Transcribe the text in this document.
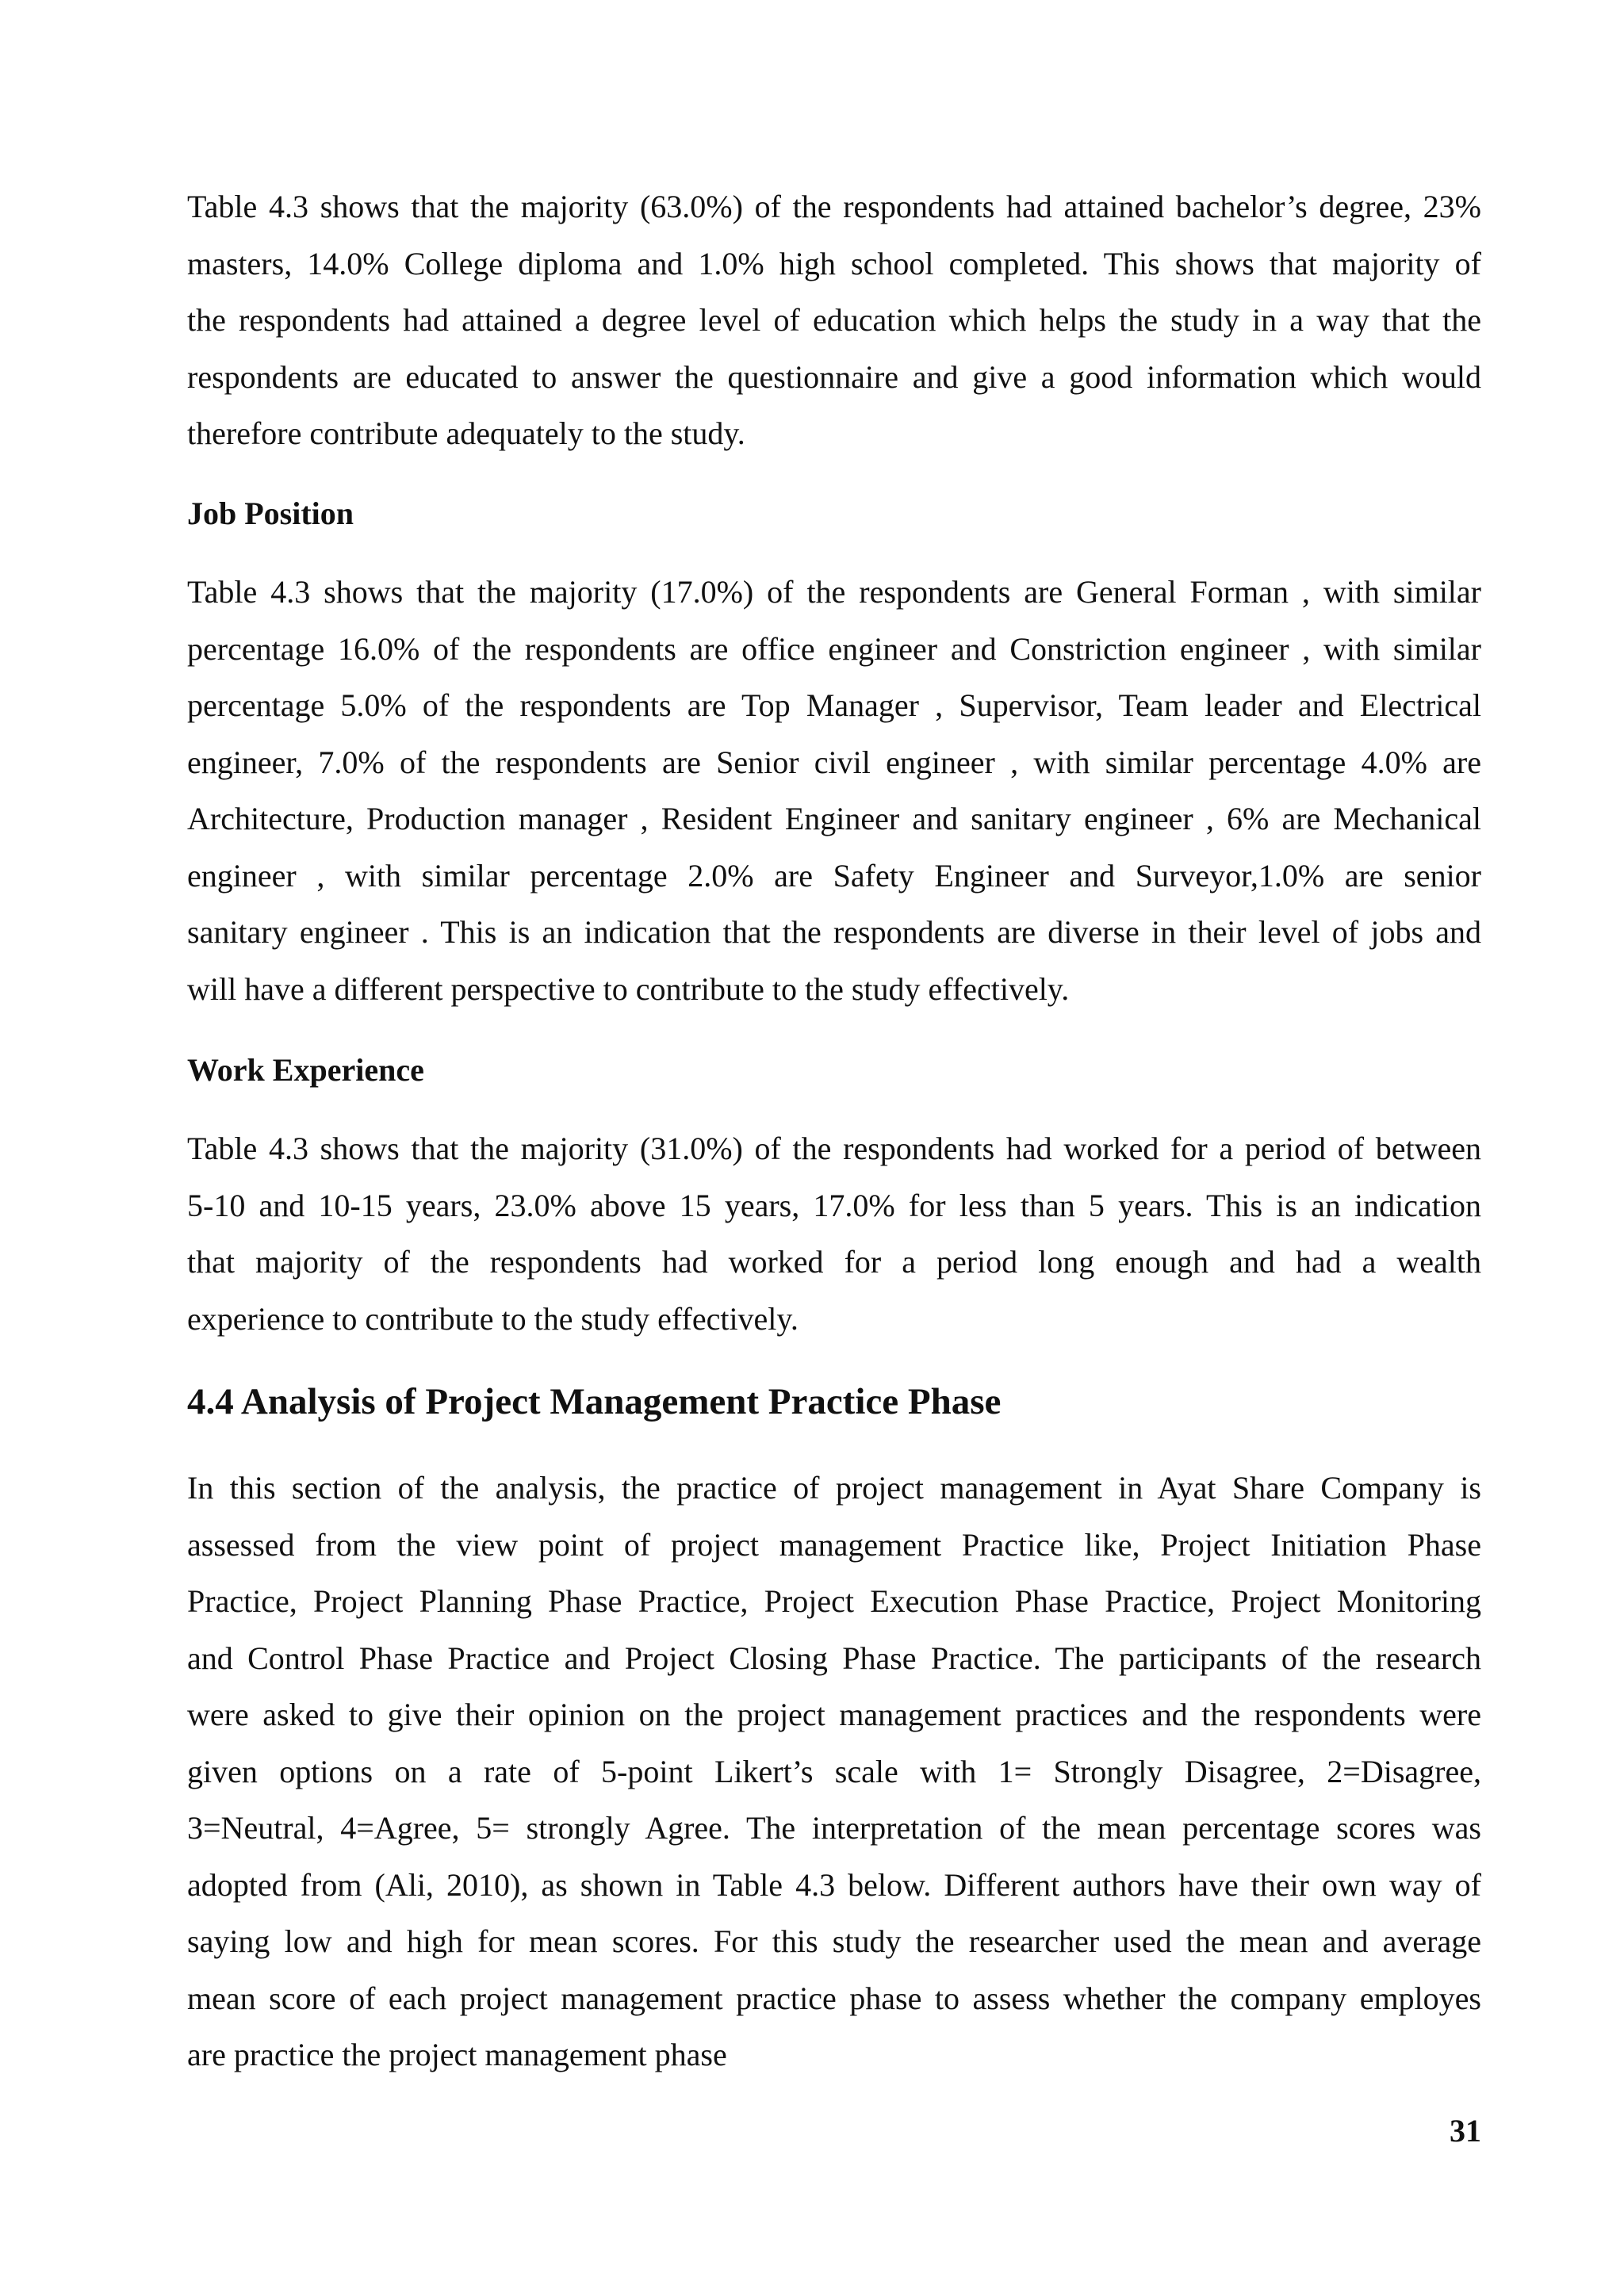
Table 4.3 shows that the majority (63.0%) of the respondents had attained bachelor’s degree, 23%
masters, 14.0% College diploma and 1.0% high school completed. This shows that majority of
the respondents had attained a degree level of education which helps the study in a way that the
respondents are educated to answer the questionnaire and give a good information which would
therefore contribute adequately to the study.
Job Position
Table 4.3 shows that the majority (17.0%) of the respondents are General Forman , with similar
percentage 16.0% of the respondents are office engineer and Constriction engineer , with similar
percentage 5.0% of the respondents are Top Manager , Supervisor, Team leader and Electrical
engineer, 7.0% of the respondents are Senior civil engineer , with similar percentage 4.0% are
Architecture, Production manager , Resident Engineer and sanitary engineer , 6% are Mechanical
engineer , with similar percentage 2.0% are Safety Engineer and Surveyor,1.0% are senior
sanitary engineer . This is an indication that the respondents are diverse in their level of jobs and
will have a different perspective to contribute to the study effectively.
Work Experience
Table 4.3 shows that the majority (31.0%) of the respondents had worked for a period of between
5-10 and 10-15 years, 23.0% above 15 years, 17.0% for less than 5 years. This is an indication
that majority of the respondents had worked for a period long enough and had a wealth
experience to contribute to the study effectively.
4.4 Analysis of Project Management Practice Phase
In this section of the analysis, the practice of project management in Ayat Share Company is
assessed from the view point of project management Practice like, Project Initiation Phase
Practice, Project Planning Phase Practice, Project Execution Phase Practice, Project Monitoring
and Control Phase Practice and Project Closing Phase Practice. The participants of the research
were asked to give their opinion on the project management practices and the respondents were
given options on a rate of 5-point Likert’s scale with 1= Strongly Disagree, 2=Disagree,
3=Neutral, 4=Agree, 5= strongly Agree. The interpretation of the mean percentage scores was
adopted from (Ali, 2010), as shown in Table 4.3 below. Different authors have their own way of
saying low and high for mean scores. For this study the researcher used the mean and average
mean score of each project management practice phase to assess whether the company employes
are practice the project management phase
31
